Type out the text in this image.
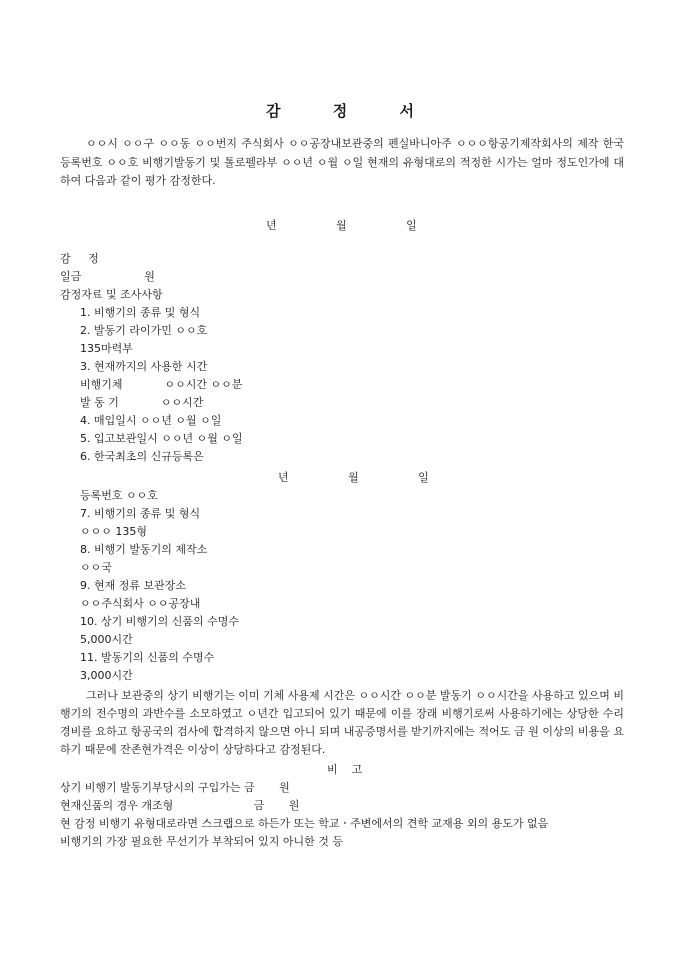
감          정          서
ㅇㅇ시 ㅇㅇ구 ㅇㅇ동 ㅇㅇ번지 주식회사 ㅇㅇ공장내보관중의 펜실바니아주 ㅇㅇㅇ항공기제작회사의 제작 한국등록번호 ㅇㅇ호 비행기발동기 및 톨로펠라부 ㅇㅇ년 ㅇ월 ㅇ일 현재의 유형대로의 적정한 시가는 얼마 정도인가에 대하여 다음과 같이 평가 감정한다.
년                 월                 일
감     정
일금                  원
감정자료 및 조사사항
1. 비행기의 종류 및 형식
2. 발동기 라이가민 ㅇㅇ호
135마력부
3. 현재까지의 사용한 시간
비행기체            ㅇㅇ시간 ㅇㅇ분
발 동 기            ㅇㅇ시간
4. 매입일시 ㅇㅇ년 ㅇ월 ㅇ일
5. 입고보관일시 ㅇㅇ년 ㅇ월 ㅇ일
6. 한국최초의 신규등록은
년                 월                 일
등록번호 ㅇㅇ호
7. 비행기의 종류 및 형식
ㅇㅇㅇ 135형
8. 비행기 발동기의 제작소
ㅇㅇ국
9. 현재 정류 보관장소
ㅇㅇ주식회사 ㅇㅇ공장내
10. 상기 비행기의 신품의 수명수
5,000시간
11. 발동기의 신품의 수명수
3,000시간
그러나 보관중의 상기 비행기는 이미 기체 사용제 시간은 ㅇㅇ시간 ㅇㅇ분 발동기 ㅇㅇ시간을 사용하고 있으며 비행기의 전수명의 과반수를 소모하였고 ㅇ년간 입고되어 있기 때문에 이를 장래 비행기로써 사용하기에는 상당한 수리경비를 요하고 항공국의 검사에 합격하지 않으면 아니 되며 내공증명서를 받기까지에는 적어도 금 원 이상의 비용을 요하기 때문에 잔존현가격은 이상이 상당하다고 감정된다.
비    고
상기 비행기 발동기부당시의 구입가는 금       원
현재신품의 경우 개조형                       금       원
현 감정 비행기 유형대로라면 스크랩으로 하든가 또는 학교ㆍ주변에서의 견학 교재용 외의 용도가 없음
비행기의 가장 필요한 무선기가 부착되어 있지 아니한 것 등
